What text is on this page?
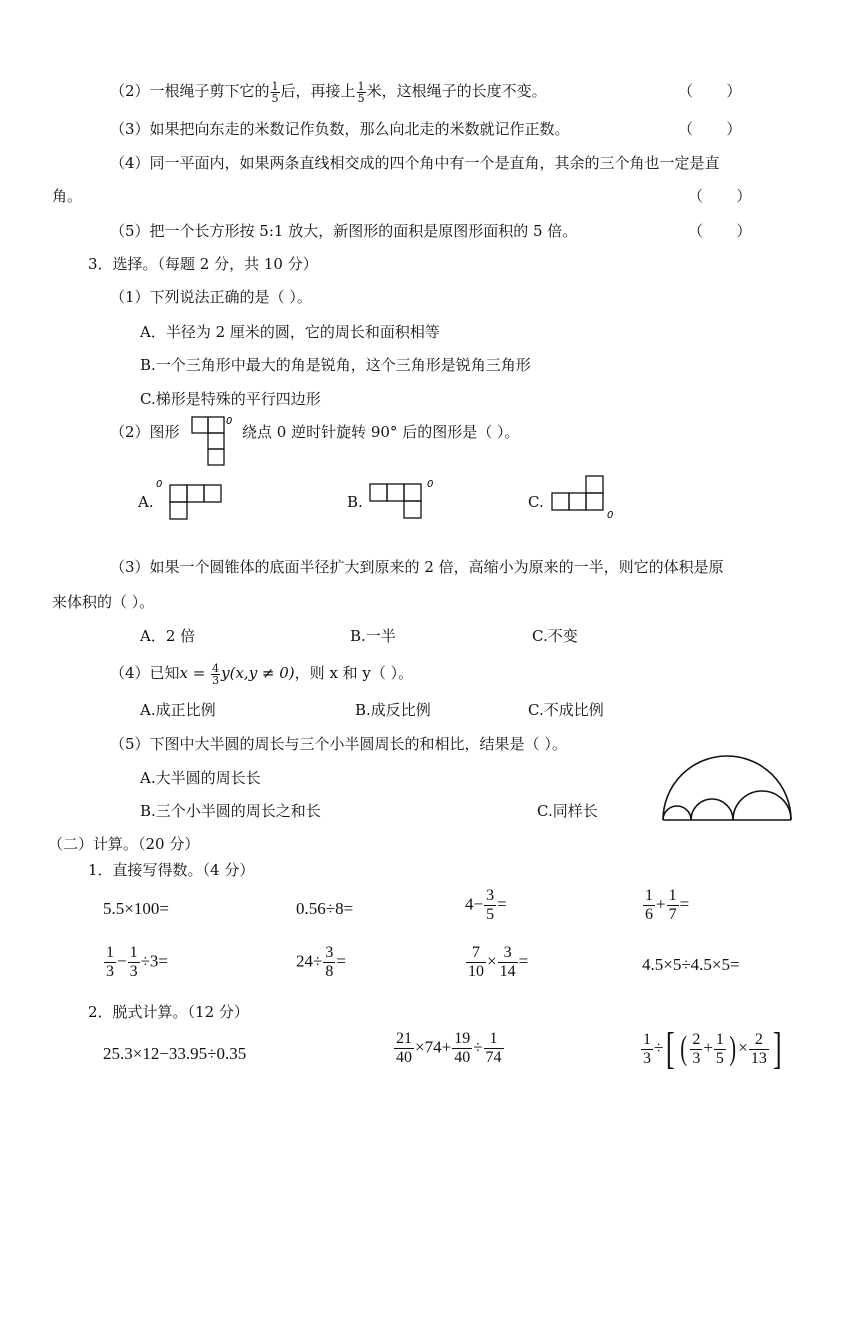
（2）一根绳子剪下它的 $\frac{1}{5}$ 后，再接上 $\frac{1}{5}$ 米，这根绳子的长度不变。	（       ）
（3）如果把向东走的米数记作负数，那么向北走的米数就记作正数。	（       ）
（4）同一平面内，如果两条直线相交成的四个角中有一个是直角，其余的三个角也一定是直
角。	（       ）
（5）把一个长方形按 5:1 放大，新图形的面积是原图形面积的 5 倍。	（       ）
3．选择。（每题 2 分，共 10 分）
（1）下列说法正确的是（ ）。
A．半径为 2 厘米的圆，它的周长和面积相等
B.一个三角形中最大的角是锐角，这个三角形是锐角三角形
C.梯形是特殊的平行四边形
（2）图形
0
绕点 0 逆时针旋转 90° 后的图形是（ ）。
A.
0
B.
0
C.
0
（3）如果一个圆锥体的底面半径扩大到原来的 2 倍，高缩小为原来的一半，则它的体积是原
来体积的（ ）。
A．2 倍	B.一半	C.不变
（4）已知$x = \frac{4}{3} y(x,y \ne 0)$，则 x 和 y（ ）。
A.成正比例	B.成反比例	C.不成比例
（5）下图中大半圆的周长与三个小半圆周长的和相比，结果是（ ）。
A.大半圆的周长长
B.三个小半圆的周长之和长	C.同样长
（二）计算。（20 分）
1．直接写得数。（4 分）
5.5×100=	0.56÷8=	$4- \frac{3}{5}$ =	$\frac{1}{6} + \frac{1}{7}$ =
$\frac{1}{3} - \frac{1}{3} \div 3=$	$24\div \frac{3}{8}$ =	$\frac{7}{10} \times \frac{3}{14}$ =	4.5×5÷4.5×5=
2．脱式计算。（12 分）
25.3×12−33.95÷0.35	$\frac{21}{40} \times 74+ \frac{19}{40} \div \frac{1}{74}$	$\frac{1}{3}$ ÷[ ( $\frac{2}{3} + \frac{1}{5}$ ) × $\frac{2}{13}$ ]
